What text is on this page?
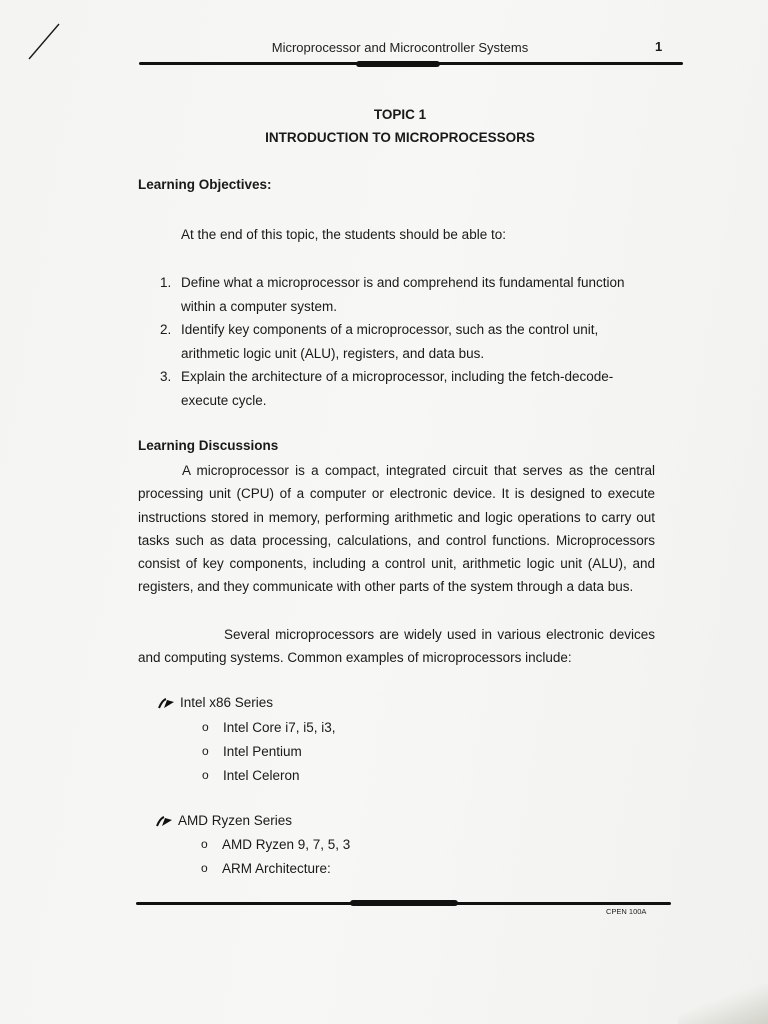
Microprocessor and Microcontroller Systems	1
TOPIC 1
INTRODUCTION TO MICROPROCESSORS
Learning Objectives:
At the end of this topic, the students should be able to:
1. Define what a microprocessor is and comprehend its fundamental function within a computer system.
2. Identify key components of a microprocessor, such as the control unit, arithmetic logic unit (ALU), registers, and data bus.
3. Explain the architecture of a microprocessor, including the fetch-decode-execute cycle.
Learning Discussions

A microprocessor is a compact, integrated circuit that serves as the central processing unit (CPU) of a computer or electronic device. It is designed to execute instructions stored in memory, performing arithmetic and logic operations to carry out tasks such as data processing, calculations, and control functions. Microprocessors consist of key components, including a control unit, arithmetic logic unit (ALU), and registers, and they communicate with other parts of the system through a data bus.

Several microprocessors are widely used in various electronic devices and computing systems. Common examples of microprocessors include:

Intel x86 Series
o	Intel Core i7, i5, i3,
o	Intel Pentium
o	Intel Celeron
AMD Ryzen Series
o	AMD Ryzen 9, 7, 5, 3
o	ARM Architecture:
CPEN 100A
